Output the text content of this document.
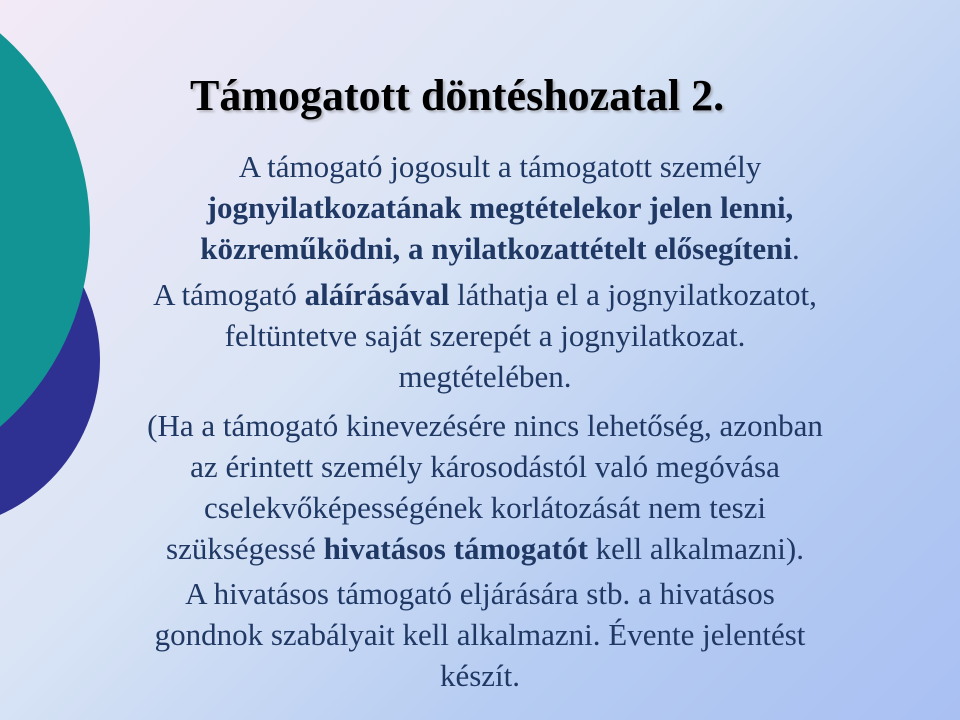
Támogatott döntéshozatal 2.
A támogató jogosult a támogatott személy
jognyilatkozatának megtételekor jelen lenni,
közreműködni, a nyilatkozattételt elősegíteni.
A támogató aláírásával láthatja el a jognyilatkozatot,
feltüntetve saját szerepét a jognyilatkozat.
megtételében.
(Ha a támogató kinevezésére nincs lehetőség, azonban
az érintett személy károsodástól való megóvása
cselekvőképességének korlátozását nem teszi
szükségessé hivatásos támogatót kell alkalmazni).
A hivatásos támogató eljárására stb. a hivatásos
gondnok szabályait kell alkalmazni. Évente jelentést
készít.
